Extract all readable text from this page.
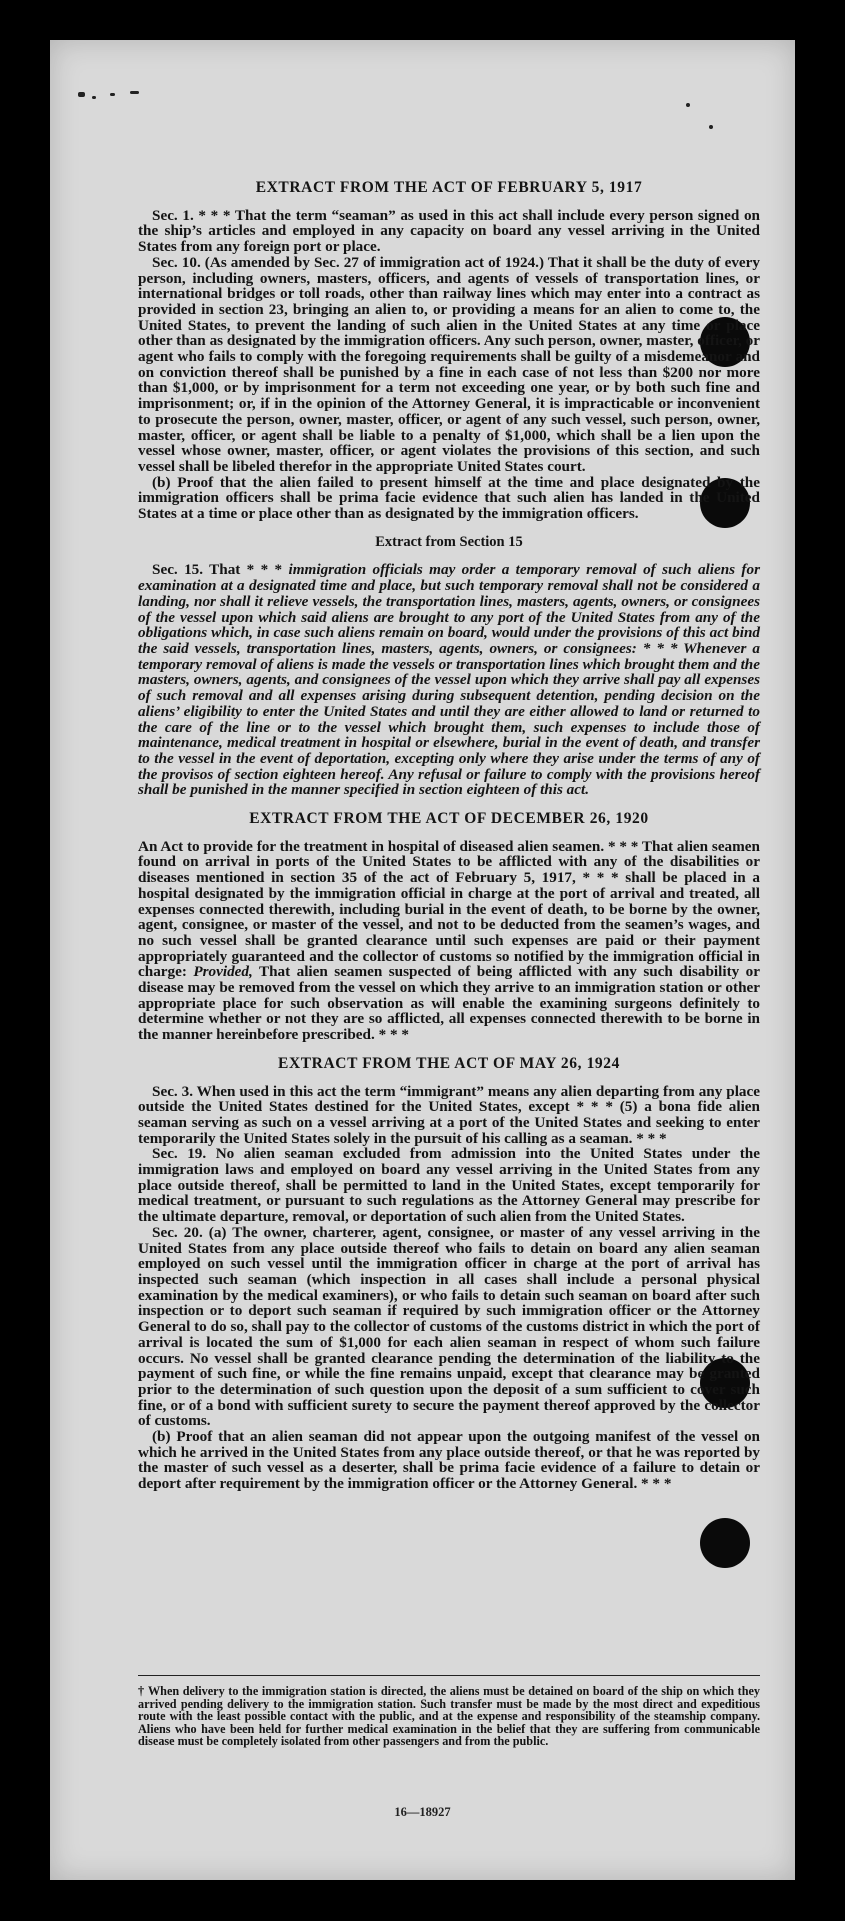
EXTRACT FROM THE ACT OF FEBRUARY 5, 1917

Sec. 1. * * * That the term “seaman” as used in this act shall include every person signed on the ship’s articles and employed in any capacity on board any vessel arriving in the United States from any foreign port or place.

Sec. 10. (As amended by Sec. 27 of immigration act of 1924.) That it shall be the duty of every person, including owners, masters, officers, and agents of vessels of transportation lines, or international bridges or toll roads, other than railway lines which may enter into a contract as provided in section 23, bringing an alien to, or providing a means for an alien to come to, the United States, to prevent the landing of such alien in the United States at any time or place other than as designated by the immigration officers. Any such person, owner, master, officer, or agent who fails to comply with the foregoing requirements shall be guilty of a misdemeanor and on conviction thereof shall be punished by a fine in each case of not less than $200 nor more than $1,000, or by imprisonment for a term not exceeding one year, or by both such fine and imprisonment; or, if in the opinion of the Attorney General, it is impracticable or inconvenient to prosecute the person, owner, master, officer, or agent of any such vessel, such person, owner, master, officer, or agent shall be liable to a penalty of $1,000, which shall be a lien upon the vessel whose owner, master, officer, or agent violates the provisions of this section, and such vessel shall be libeled therefor in the appropriate United States court.

(b) Proof that the alien failed to present himself at the time and place designated by the immigration officers shall be prima facie evidence that such alien has landed in the United States at a time or place other than as designated by the immigration officers.

Extract from Section 15

Sec. 15. That * * * immigration officials may order a temporary removal of such aliens for examination at a designated time and place, but such temporary removal shall not be considered a landing, nor shall it relieve vessels, the transportation lines, masters, agents, owners, or consignees of the vessel upon which said aliens are brought to any port of the United States from any of the obligations which, in case such aliens remain on board, would under the provisions of this act bind the said vessels, transportation lines, masters, agents, owners, or consignees: * * * Whenever a temporary removal of aliens is made the vessels or transportation lines which brought them and the masters, owners, agents, and consignees of the vessel upon which they arrive shall pay all expenses of such removal and all expenses arising during subsequent detention, pending decision on the aliens’ eligibility to enter the United States and until they are either allowed to land or returned to the care of the line or to the vessel which brought them, such expenses to include those of maintenance, medical treatment in hospital or elsewhere, burial in the event of death, and transfer to the vessel in the event of deportation, excepting only where they arise under the terms of any of the provisos of section eighteen hereof. Any refusal or failure to comply with the provisions hereof shall be punished in the manner specified in section eighteen of this act.

EXTRACT FROM THE ACT OF DECEMBER 26, 1920

An Act to provide for the treatment in hospital of diseased alien seamen. * * * That alien seamen found on arrival in ports of the United States to be afflicted with any of the disabilities or diseases mentioned in section 35 of the act of February 5, 1917, * * * shall be placed in a hospital designated by the immigration official in charge at the port of arrival and treated, all expenses connected therewith, including burial in the event of death, to be borne by the owner, agent, consignee, or master of the vessel, and not to be deducted from the seamen’s wages, and no such vessel shall be granted clearance until such expenses are paid or their payment appropriately guaranteed and the collector of customs so notified by the immigration official in charge: Provided, That alien seamen suspected of being afflicted with any such disability or disease may be removed from the vessel on which they arrive to an immigration station or other appropriate place for such observation as will enable the examining surgeons definitely to determine whether or not they are so afflicted, all expenses connected therewith to be borne in the manner hereinbefore prescribed. * * *

EXTRACT FROM THE ACT OF MAY 26, 1924

Sec. 3. When used in this act the term “immigrant” means any alien departing from any place outside the United States destined for the United States, except * * * (5) a bona fide alien seaman serving as such on a vessel arriving at a port of the United States and seeking to enter temporarily the United States solely in the pursuit of his calling as a seaman. * * *

Sec. 19. No alien seaman excluded from admission into the United States under the immigration laws and employed on board any vessel arriving in the United States from any place outside thereof, shall be permitted to land in the United States, except temporarily for medical treatment, or pursuant to such regulations as the Attorney General may prescribe for the ultimate departure, removal, or deportation of such alien from the United States.

Sec. 20. (a) The owner, charterer, agent, consignee, or master of any vessel arriving in the United States from any place outside thereof who fails to detain on board any alien seaman employed on such vessel until the immigration officer in charge at the port of arrival has inspected such seaman (which inspection in all cases shall include a personal physical examination by the medical examiners), or who fails to detain such seaman on board after such inspection or to deport such seaman if required by such immigration officer or the Attorney General to do so, shall pay to the collector of customs of the customs district in which the port of arrival is located the sum of $1,000 for each alien seaman in respect of whom such failure occurs. No vessel shall be granted clearance pending the determination of the liability to the payment of such fine, or while the fine remains unpaid, except that clearance may be granted prior to the determination of such question upon the deposit of a sum sufficient to cover such fine, or of a bond with sufficient surety to secure the payment thereof approved by the collector of customs.

(b) Proof that an alien seaman did not appear upon the outgoing manifest of the vessel on which he arrived in the United States from any place outside thereof, or that he was reported by the master of such vessel as a deserter, shall be prima facie evidence of a failure to detain or deport after requirement by the immigration officer or the Attorney General. * * *

† When delivery to the immigration station is directed, the aliens must be detained on board of the ship on which they arrived pending delivery to the immigration station. Such transfer must be made by the most direct and expeditious route with the least possible contact with the public, and at the expense and responsibility of the steamship company. Aliens who have been held for further medical examination in the belief that they are suffering from communicable disease must be completely isolated from other passengers and from the public.
16—18927
